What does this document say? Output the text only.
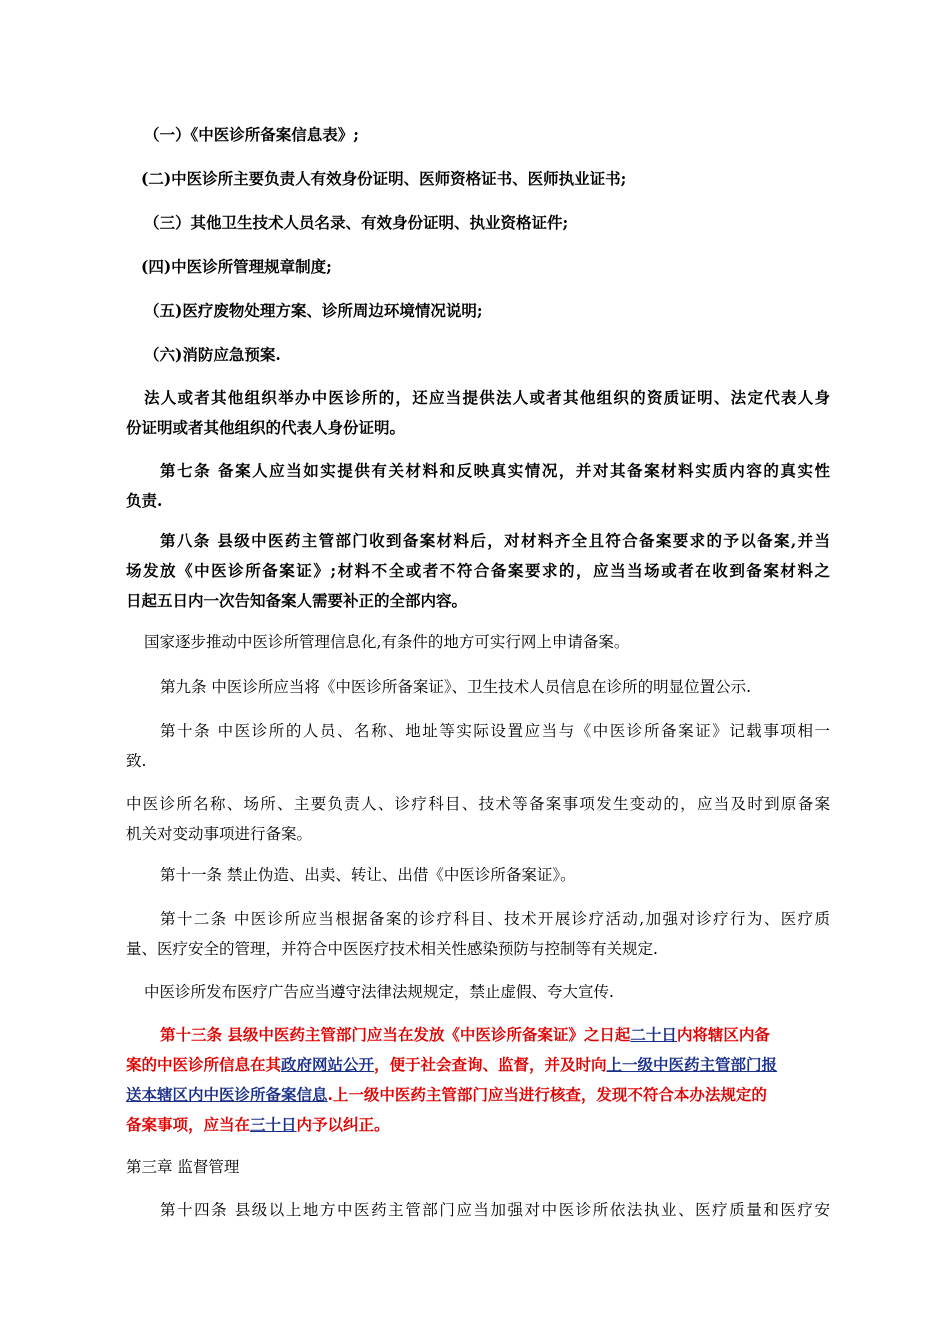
（一）《中医诊所备案信息表》;
(二)中医诊所主要负责人有效身份证明、医师资格证书、医师执业证书;
（三）其他卫生技术人员名录、有效身份证明、执业资格证件;
(四)中医诊所管理规章制度;
（五)医疗废物处理方案、诊所周边环境情况说明;
（六)消防应急预案.
法人或者其他组织举办中医诊所的，还应当提供法人或者其他组织的资质证明、法定代表人身
份证明或者其他组织的代表人身份证明。
第七条 备案人应当如实提供有关材料和反映真实情况，并对其备案材料实质内容的真实性
负责.
第八条 县级中医药主管部门收到备案材料后，对材料齐全且符合备案要求的予以备案,并当
场发放《中医诊所备案证》;材料不全或者不符合备案要求的，应当当场或者在收到备案材料之
日起五日内一次告知备案人需要补正的全部内容。
国家逐步推动中医诊所管理信息化,有条件的地方可实行网上申请备案。
第九条 中医诊所应当将《中医诊所备案证》、卫生技术人员信息在诊所的明显位置公示.
第十条 中医诊所的人员、名称、地址等实际设置应当与《中医诊所备案证》记载事项相一
致.
中医诊所名称、场所、主要负责人、诊疗科目、技术等备案事项发生变动的，应当及时到原备案
机关对变动事项进行备案。
第十一条 禁止伪造、出卖、转让、出借《中医诊所备案证》。
第十二条 中医诊所应当根据备案的诊疗科目、技术开展诊疗活动,加强对诊疗行为、医疗质
量、医疗安全的管理，并符合中医医疗技术相关性感染预防与控制等有关规定.
中医诊所发布医疗广告应当遵守法律法规规定，禁止虚假、夸大宣传.
第十三条 县级中医药主管部门应当在发放《中医诊所备案证》之日起二十日内将辖区内备
案的中医诊所信息在其政府网站公开，便于社会查询、监督，并及时向上一级中医药主管部门报
送本辖区内中医诊所备案信息.上一级中医药主管部门应当进行核查，发现不符合本办法规定的
备案事项，应当在三十日内予以纠正。
第三章 监督管理
第十四条 县级以上地方中医药主管部门应当加强对中医诊所依法执业、医疗质量和医疗安
